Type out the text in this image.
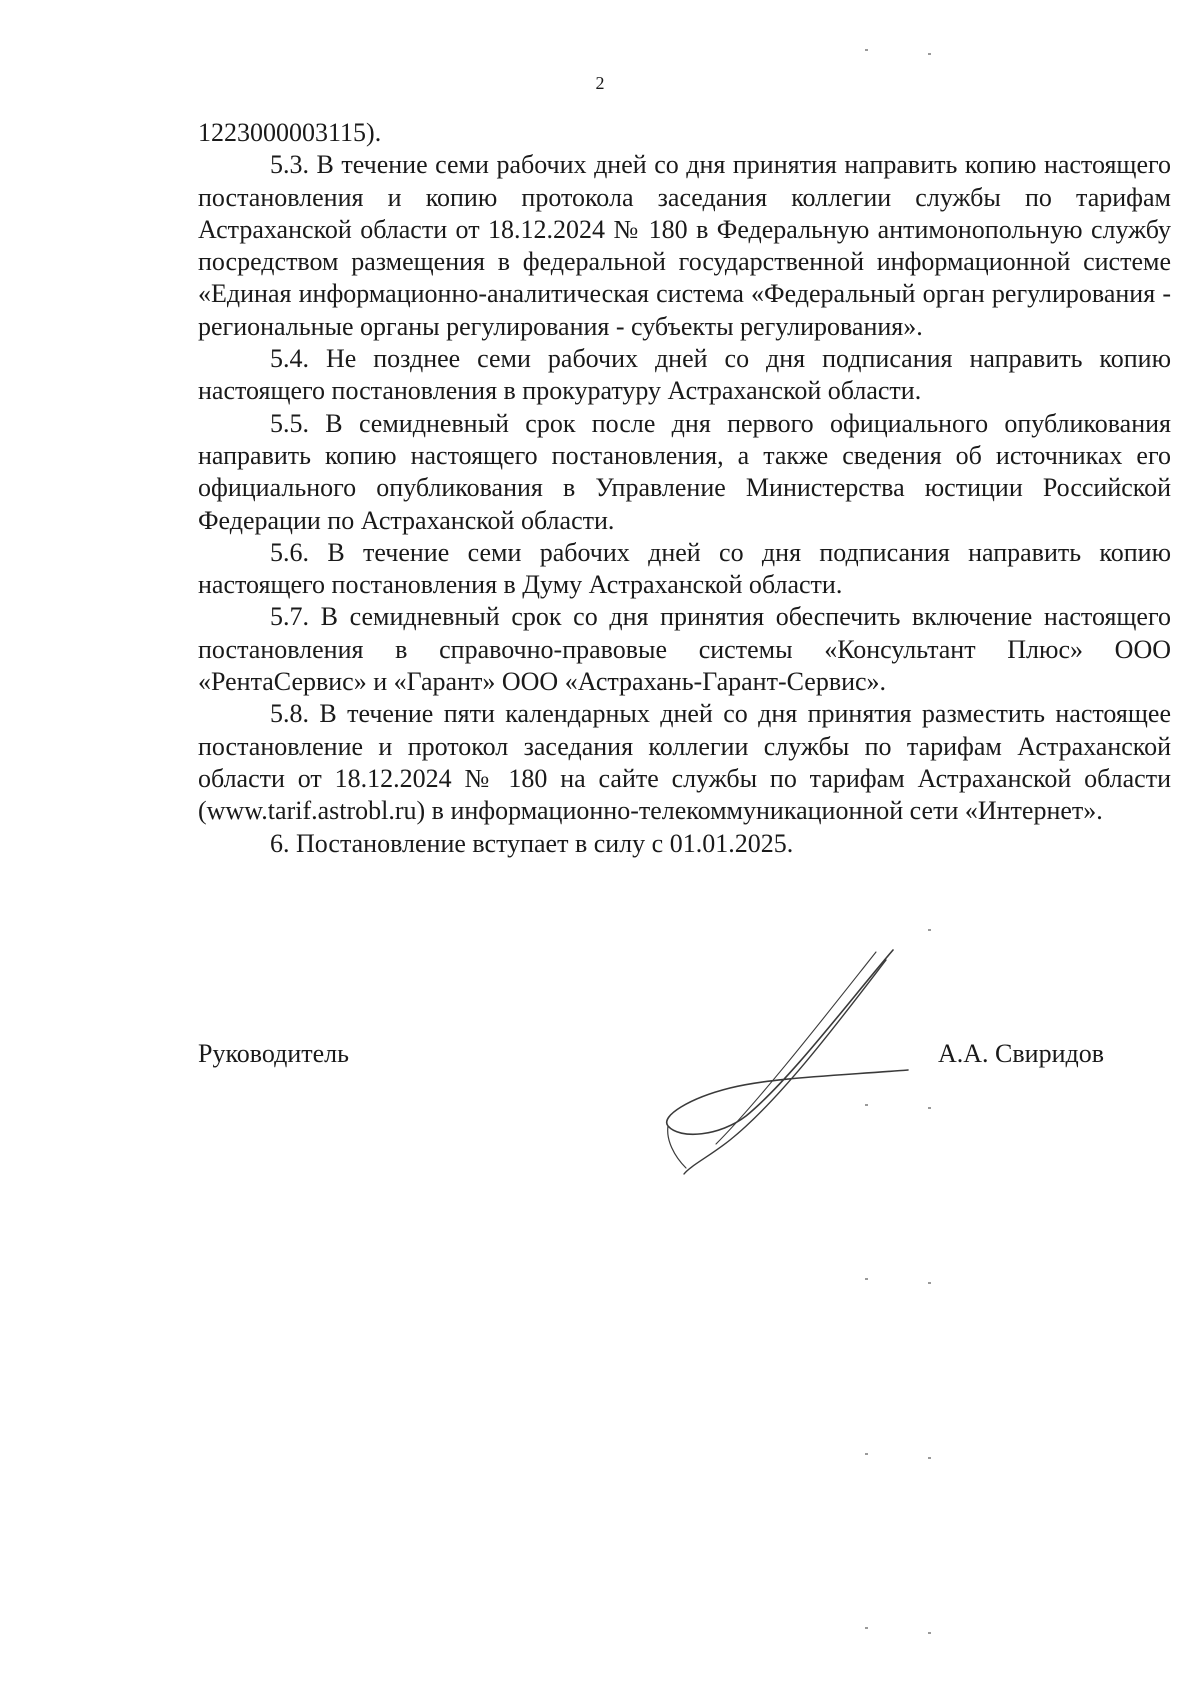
2

1223000003115).

5.3. В течение семи рабочих дней со дня принятия направить копию настоящего постановления и копию протокола заседания коллегии службы по тарифам Астраханской области от 18.12.2024 № 180 в Федеральную антимонопольную службу посредством размещения в федеральной государственной информационной системе «Единая информационно-аналитическая система «Федеральный орган регулирования - региональные органы регулирования - субъекты регулирования».

5.4. Не позднее семи рабочих дней со дня подписания направить копию настоящего постановления в прокуратуру Астраханской области.

5.5. В семидневный срок после дня первого официального опубликования направить копию настоящего постановления, а также сведения об источниках его официального опубликования в Управление Министерства юстиции Российской Федерации по Астраханской области.

5.6. В течение семи рабочих дней со дня подписания направить копию настоящего постановления в Думу Астраханской области.

5.7. В семидневный срок со дня принятия обеспечить включение настоящего постановления в справочно-правовые системы «Консультант Плюс» ООО «РентаСервис» и «Гарант» ООО «Астрахань-Гарант-Сервис».

5.8. В течение пяти календарных дней со дня принятия разместить настоящее постановление и протокол заседания коллегии службы по тарифам Астраханской области от 18.12.2024 № 180 на сайте службы по тарифам Астраханской области (www.tarif.astrobl.ru) в информационно-телекоммуникационной сети «Интернет».

6. Постановление вступает в силу с 01.01.2025.

Руководитель	А.А. Свиридов
